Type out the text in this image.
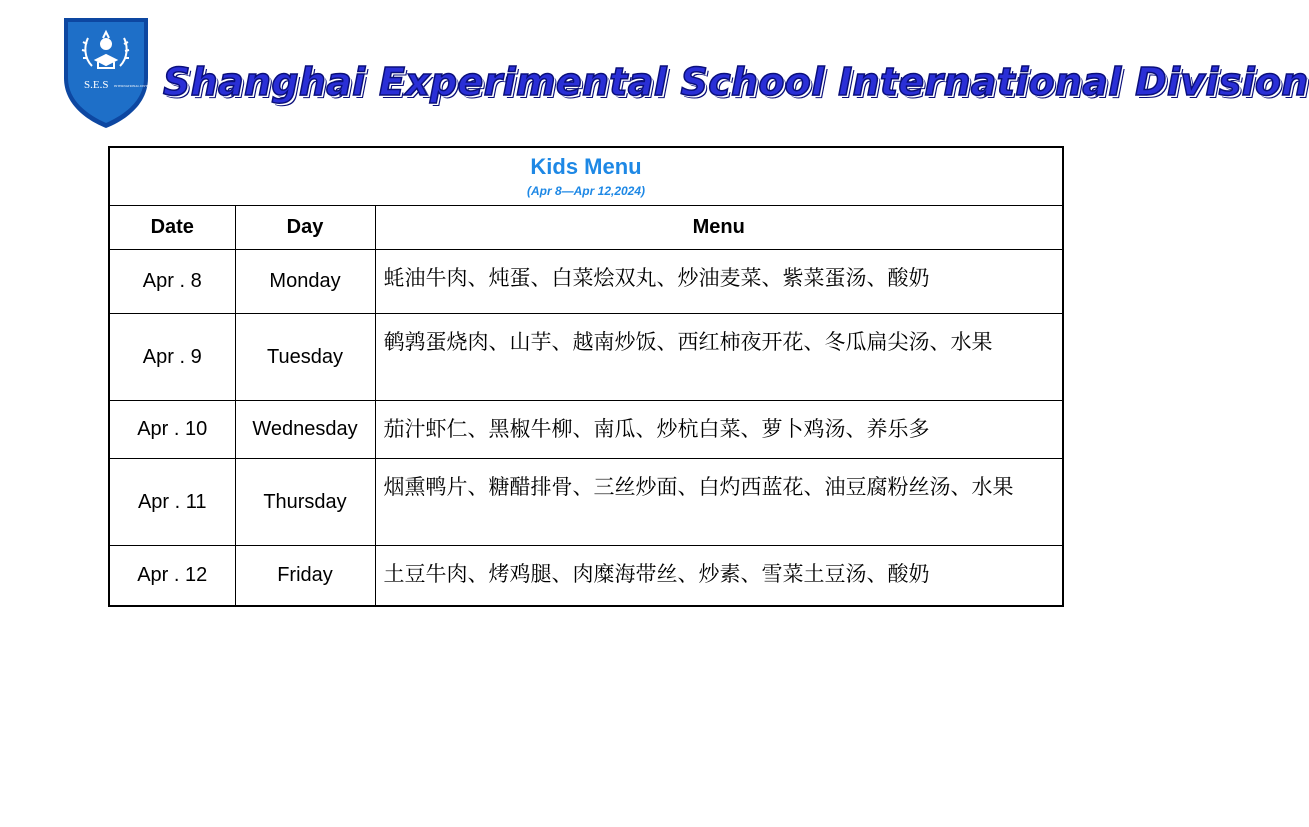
S.E.S INTERNATIONAL DIVISION Shanghai Experimental School International Division
Kids Menu
(Apr 8—Apr 12,2024)		

Date	Day	Menu
Apr . 8	Monday	蚝油牛肉、炖蛋、白菜烩双丸、炒油麦菜、紫菜蛋汤、酸奶
Apr . 9	Tuesday	鹌鹑蛋烧肉、山芋、越南炒饭、西红柿夜开花、冬瓜扁尖汤、水果
Apr . 10	Wednesday	茄汁虾仁、黑椒牛柳、南瓜、炒杭白菜、萝卜鸡汤、养乐多
Apr . 11	Thursday	烟熏鸭片、糖醋排骨、三丝炒面、白灼西蓝花、油豆腐粉丝汤、水果
Apr . 12	Friday	土豆牛肉、烤鸡腿、肉糜海带丝、炒素、雪菜土豆汤、酸奶
